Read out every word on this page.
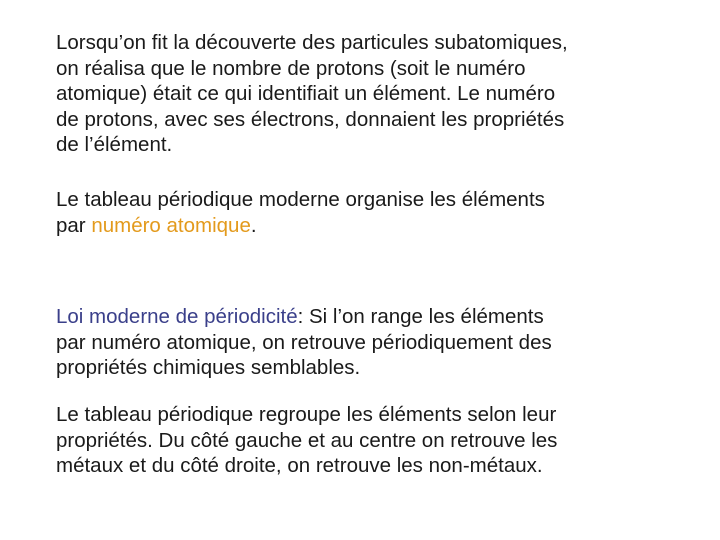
Lorsqu’on fit la découverte des particules subatomiques,
on réalisa que le nombre de protons (soit le numéro
atomique) était ce qui identifiait un élément. Le numéro
de protons, avec ses électrons, donnaient les propriétés
de l’élément.

Le tableau périodique moderne organise les éléments
par numéro atomique.

Loi moderne de périodicité: Si l’on range les éléments
par numéro atomique, on retrouve périodiquement des
propriétés chimiques semblables.

Le tableau périodique regroupe les éléments selon leur
propriétés. Du côté gauche et au centre on retrouve les
métaux et du côté droite, on retrouve les non-métaux.
